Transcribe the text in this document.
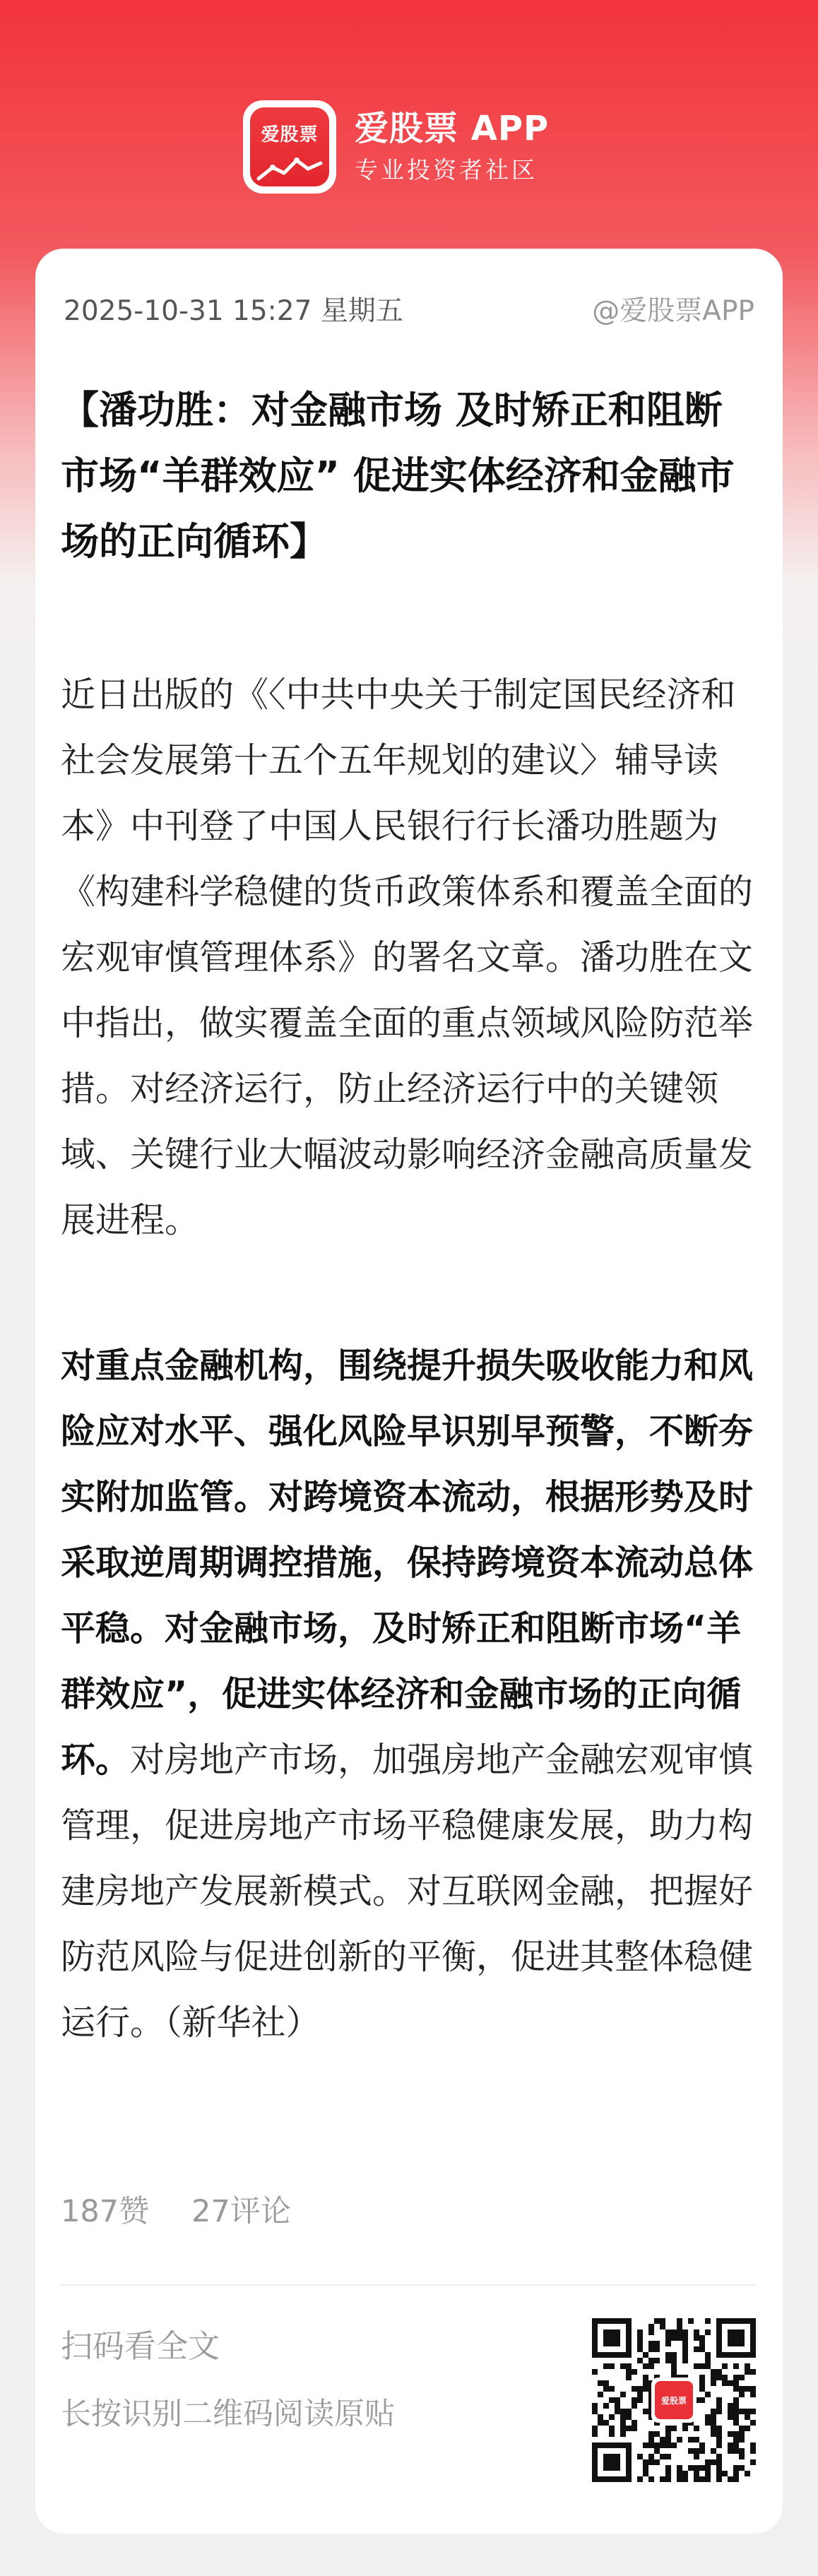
爱股票 爱股票 APP
专业投资者社区
2025-10-31 15:27 星期五	@爱股票APP
【潘功胜：对金融市场 及时矫正和阻断市场“羊群效应” 促进实体经济和金融市场的正向循环】
近日出版的《〈中共中央关于制定国民经济和社会发展第十五个五年规划的建议〉辅导读本》中刊登了中国人民银行行长潘功胜题为《构建科学稳健的货币政策体系和覆盖全面的宏观审慎管理体系》的署名文章。潘功胜在文中指出，做实覆盖全面的重点领域风险防范举措。对经济运行，防止经济运行中的关键领域、关键行业大幅波动影响经济金融高质量发展进程。
对重点金融机构，围绕提升损失吸收能力和风险应对水平、强化风险早识别早预警，不断夯实附加监管。对跨境资本流动，根据形势及时采取逆周期调控措施，保持跨境资本流动总体平稳。对金融市场，及时矫正和阻断市场“羊群效应”，促进实体经济和金融市场的正向循环。对房地产市场，加强房地产金融宏观审慎管理，促进房地产市场平稳健康发展，助力构建房地产发展新模式。对互联网金融，把握好防范风险与促进创新的平衡，促进其整体稳健运行。（新华社）
187赞 27评论
扫码看全文
长按识别二维码阅读原贴	爱股票
